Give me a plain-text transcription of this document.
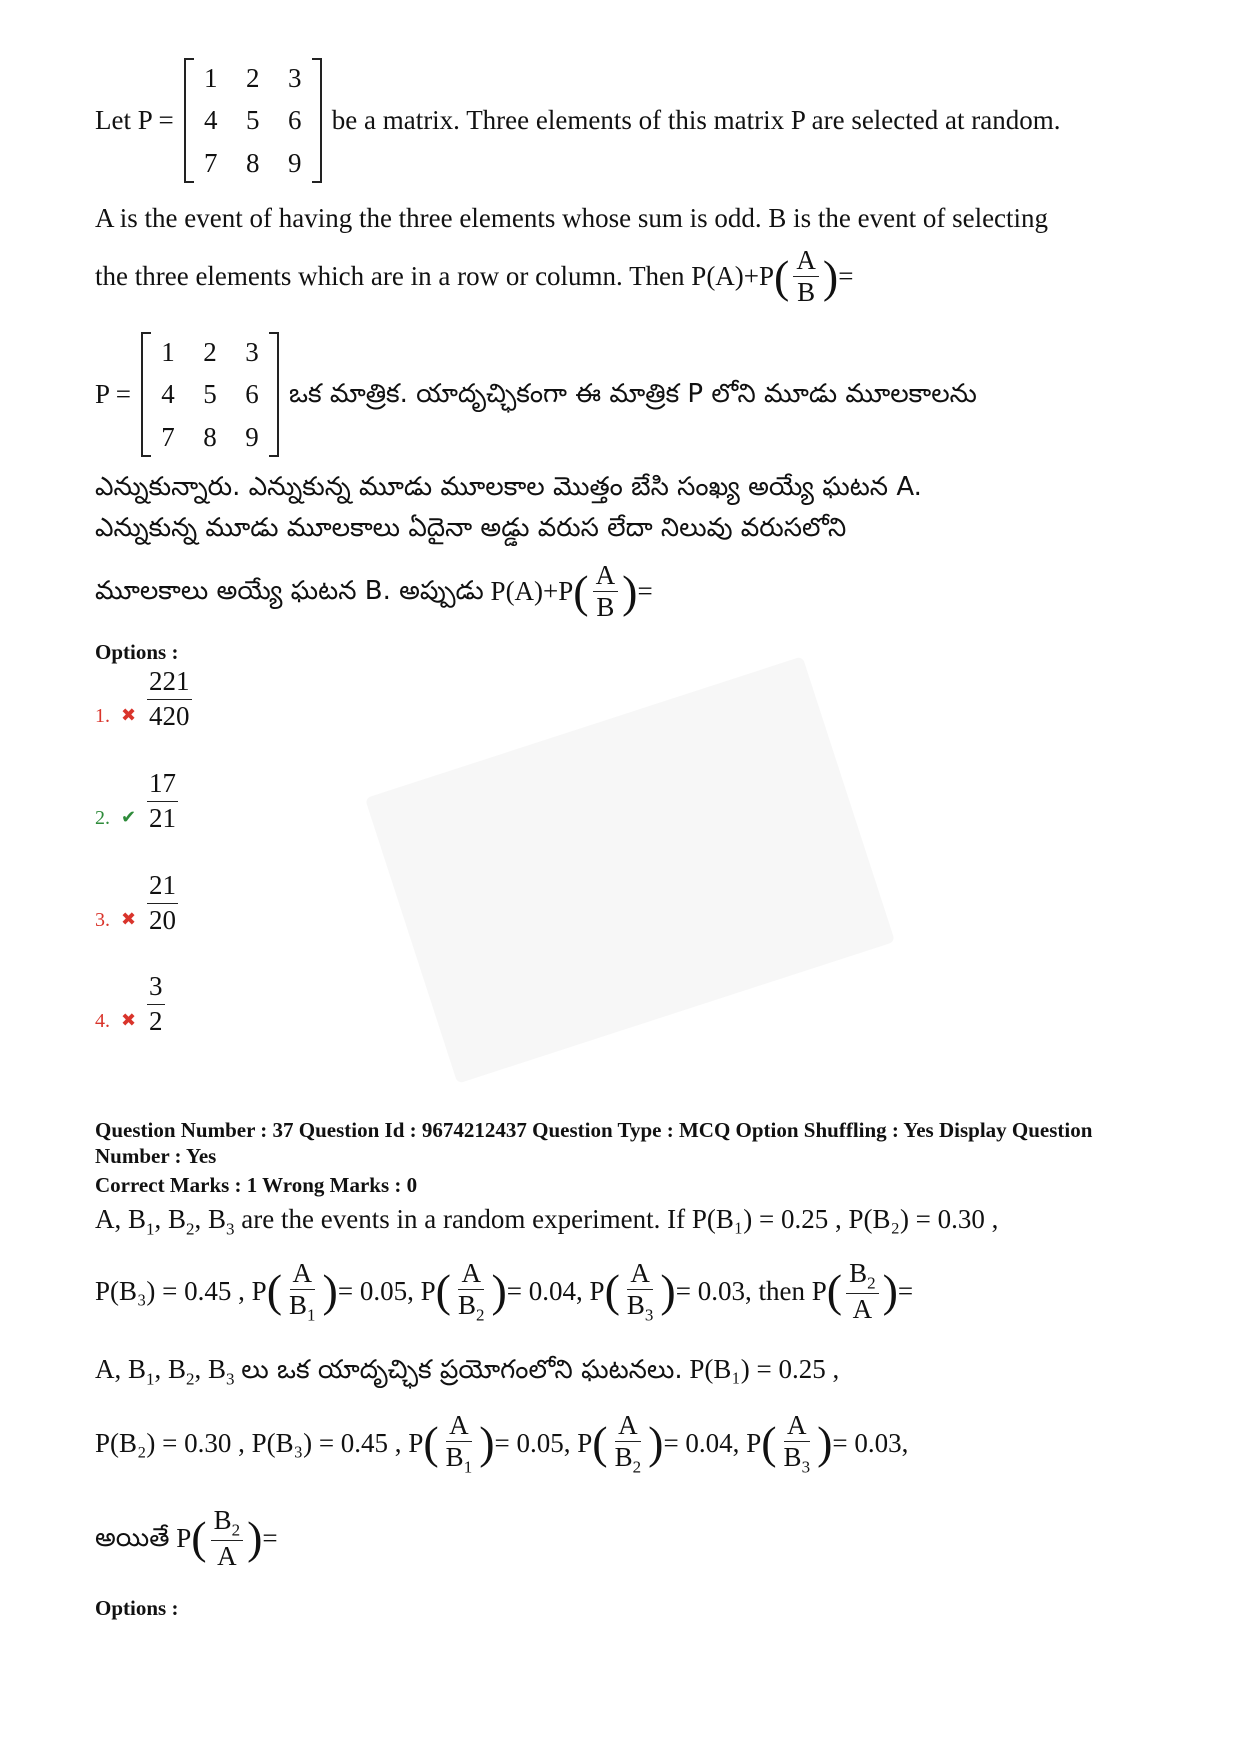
Let P =
1	2	3
4	5	6
7	8	9
be a matrix. Three elements of this matrix P are selected at random.
A is the event of having the three elements whose sum is odd. B is the event of selecting
the three elements which are in a row or column. Then
P(A)+P ( $\frac{A}{B}$ ) =
P =
1	2	3
4	5	6
7	8	9
ఒక మాత్రిక. యాదృచ్ఛికంగా ఈ మాత్రిక P లోని మూడు మూలకాలను
ఎన్నుకున్నారు. ఎన్నుకున్న మూడు మూలకాల మొత్తం బేసి సంఖ్య అయ్యే ఘటన A.
ఎన్నుకున్న మూడు మూలకాలు ఏదైనా అడ్డు వరుస లేదా నిలువు వరుసలోని
మూలకాలు అయ్యే ఘటన B. అప్పుడు
P(A)+P ( $\frac{A}{B}$ ) =
Options :
1. ✖ $\frac{221}{420}$
2. ✔ $\frac{17}{21}$
3. ✖ $\frac{21}{20}$
4. ✖ $\frac{3}{2}$
Question Number : 37 Question Id : 9674212437 Question Type : MCQ Option Shuffling : Yes Display Question
Number : Yes
Correct Marks : 1 Wrong Marks : 0
A, $B_1$, $B_2$, $B_3$ are the events in a random experiment. If P(B₁) = 0.25 , P(B₂) = 0.30 ,
P(B₃) = 0.45 , P ( $\frac{A}{B_1}$ ) = 0.05, P ( $\frac{A}{B_2}$ ) = 0.04, P ( $\frac{A}{B_3}$ ) = 0.03,
then P ( $\frac{B_2}{A}$ ) =
A, $B_1$, $B_2$, $B_3$ లు ఒక యాదృచ్ఛిక ప్రయోగంలోని ఘటనలు. P(B₁) = 0.25 ,
P(B₂) = 0.30 ,
P(B₃) = 0.45 , P ( $\frac{A}{B_1}$ ) = 0.05, P ( $\frac{A}{B_2}$ ) = 0.04, P ( $\frac{A}{B_3}$ ) = 0.03,
అయితే P ( $\frac{B_2}{A}$ ) =
Options :
